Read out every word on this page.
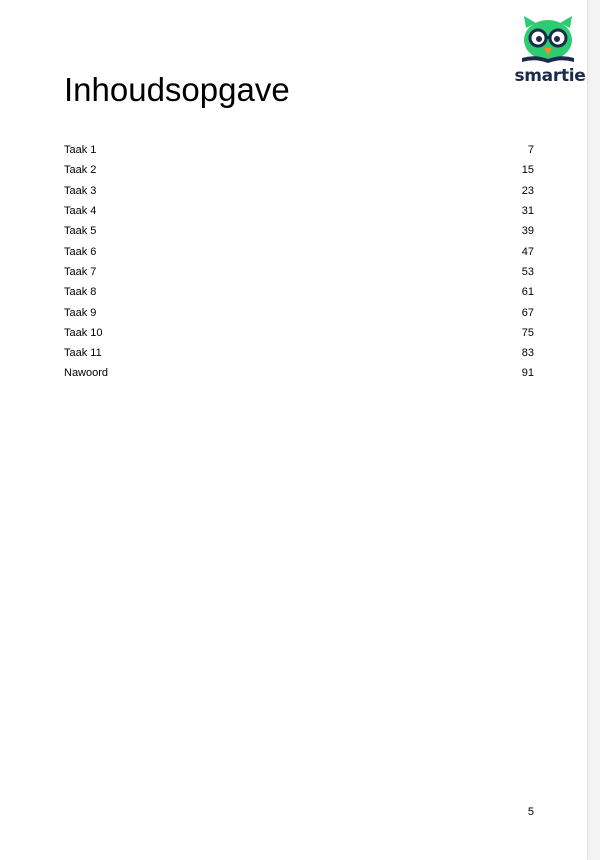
smartie
Inhoudsopgave
Taak 1	7
Taak 2	15
Taak 3	23
Taak 4	31
Taak 5	39
Taak 6	47
Taak 7	53
Taak 8	61
Taak 9	67
Taak 10	75
Taak 11	83
Nawoord	91
5
